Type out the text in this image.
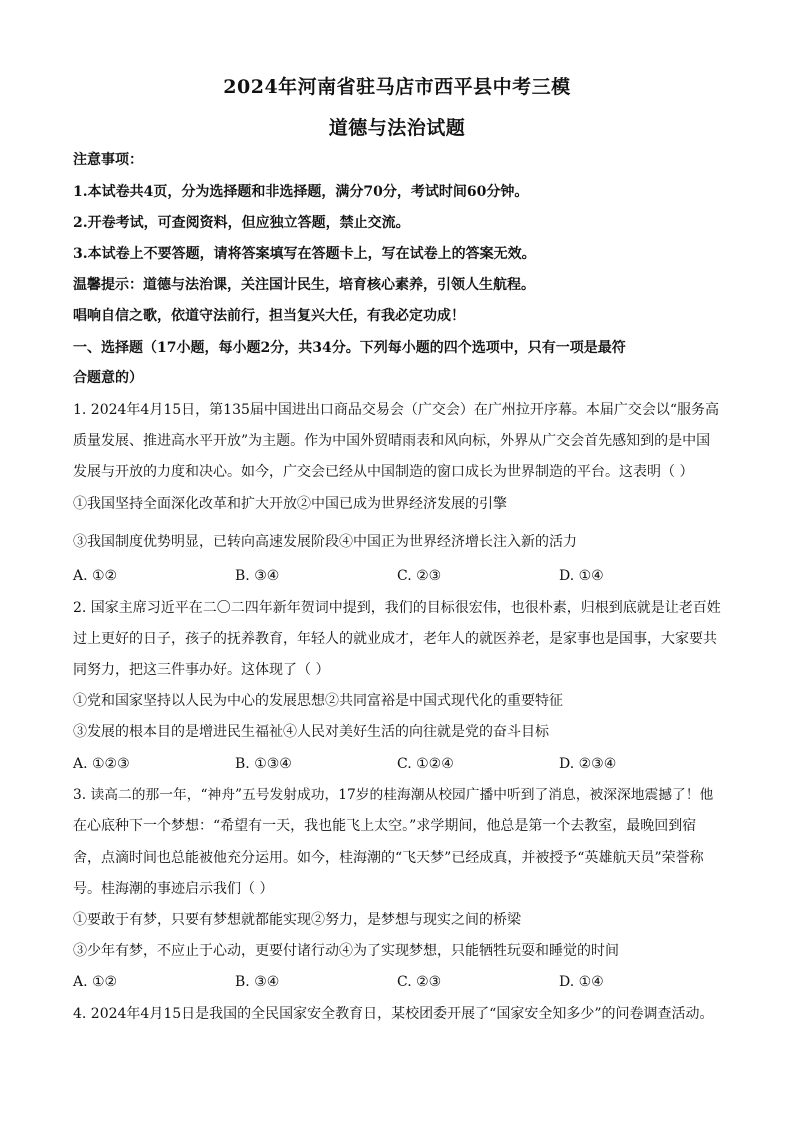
2024年河南省驻马店市西平县中考三模
道德与法治试题
注意事项：
1.本试卷共4页，分为选择题和非选择题，满分70分，考试时间60分钟。
2.开卷考试，可查阅资料，但应独立答题，禁止交流。
3.本试卷上不要答题，请将答案填写在答题卡上，写在试卷上的答案无效。
温馨提示：道德与法治课，关注国计民生，培育核心素养，引领人生航程。
唱响自信之歌，依道守法前行，担当复兴大任，有我必定功成！
一、选择题（17小题，每小题2分，共34分。下列每小题的四个选项中，只有一项是最符
合题意的）
1. 2024年4月15日，第135届中国进出口商品交易会（广交会）在广州拉开序幕。本届广交会以“服务高
质量发展、推进高水平开放”为主题。作为中国外贸晴雨表和风向标，外界从广交会首先感知到的是中国
发展与开放的力度和决心。如今，广交会已经从中国制造的窗口成长为世界制造的平台。这表明（ ）
①我国坚持全面深化改革和扩大开放②中国已成为世界经济发展的引擎
③我国制度优势明显，已转向高速发展阶段④中国正为世界经济增长注入新的活力
A. ①②	B. ③④	C. ②③	D. ①④
2. 国家主席习近平在二〇二四年新年贺词中提到，我们的目标很宏伟，也很朴素，归根到底就是让老百姓
过上更好的日子，孩子的抚养教育，年轻人的就业成才，老年人的就医养老，是家事也是国事，大家要共
同努力，把这三件事办好。这体现了（ ）
①党和国家坚持以人民为中心的发展思想②共同富裕是中国式现代化的重要特征
③发展的根本目的是增进民生福祉④人民对美好生活的向往就是党的奋斗目标
A. ①②③	B. ①③④	C. ①②④	D. ②③④
3. 读高二的那一年，“神舟”五号发射成功，17岁的桂海潮从校园广播中听到了消息，被深深地震撼了！他
在心底种下一个梦想：“希望有一天，我也能飞上太空。”求学期间，他总是第一个去教室，最晚回到宿
舍，点滴时间也总能被他充分运用。如今，桂海潮的“飞天梦”已经成真，并被授予“英雄航天员”荣誉称
号。桂海潮的事迹启示我们（ ）
①要敢于有梦，只要有梦想就都能实现②努力，是梦想与现实之间的桥梁
③少年有梦，不应止于心动，更要付诸行动④为了实现梦想，只能牺牲玩耍和睡觉的时间
A. ①②	B. ③④	C. ②③	D. ①④
4. 2024年4月15日是我国的全民国家安全教育日，某校团委开展了“国家安全知多少”的问卷调查活动。
